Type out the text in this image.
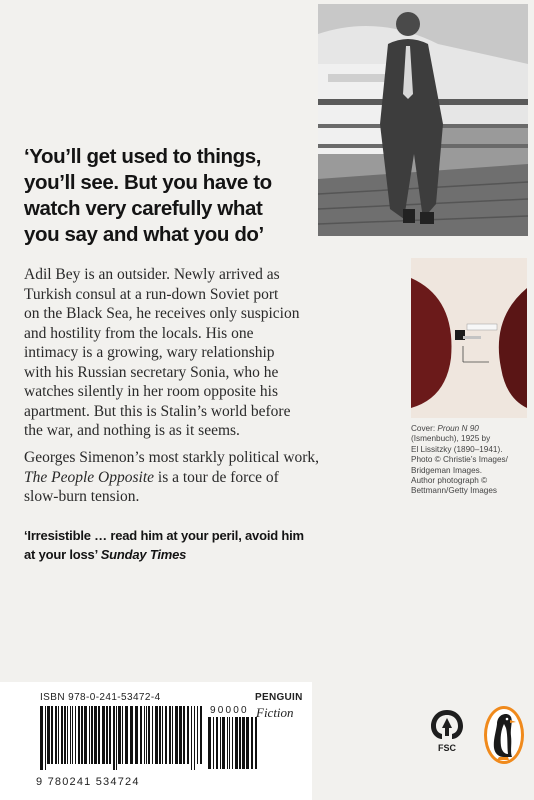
‘You’ll get used to things,
you’ll see. But you have to
watch very carefully what
you say and what you do’
Adil Bey is an outsider. Newly arrived as
Turkish consul at a run-down Soviet port
on the Black Sea, he receives only suspicion
and hostility from the locals. His one
intimacy is a growing, wary relationship
with his Russian secretary Sonia, who he
watches silently in her room opposite his
apartment. But this is Stalin’s world before
the war, and nothing is as it seems.
Georges Simenon’s most starkly political work,
The People Opposite is a tour de force of
slow-burn tension.
‘Irresistible … read him at your peril, avoid him
at your loss’ Sunday Times
Cover: Proun N 90
(Ismenbuch), 1925 by
El Lissitzky (1890–1941).
Photo © Christie’s Images/
Bridgeman Images.
Author photograph ©
Bettmann/Getty Images
ISBN 978-0-241-53472-4
9 780241 534724
90000
PENGUIN
Fiction
FSC
